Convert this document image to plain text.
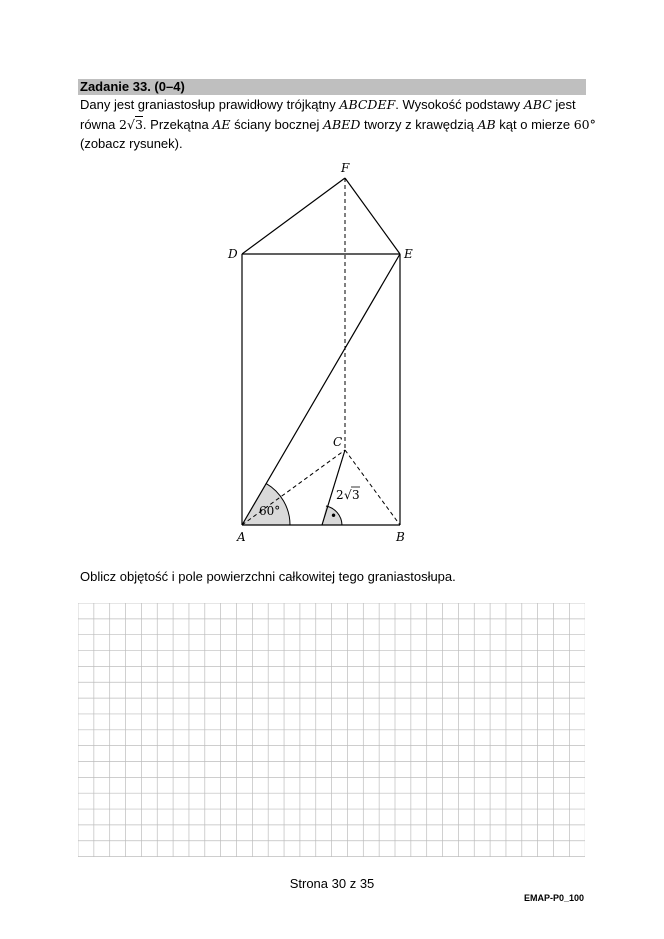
Zadanie 33. (0–4)
Dany jest graniastosłup prawidłowy trójkątny ABCDEF. Wysokość podstawy ABC jest
równa 2√3. Przekątna AE ściany bocznej ABED tworzy z krawędzią AB kąt o mierze 60°
(zobacz rysunek).
F
D	E
C
A	B
60°
2 √ 3
•
Oblicz objętość i pole powierzchni całkowitej tego graniastosłupa.
Strona 30 z 35
EMAP-P0_100
